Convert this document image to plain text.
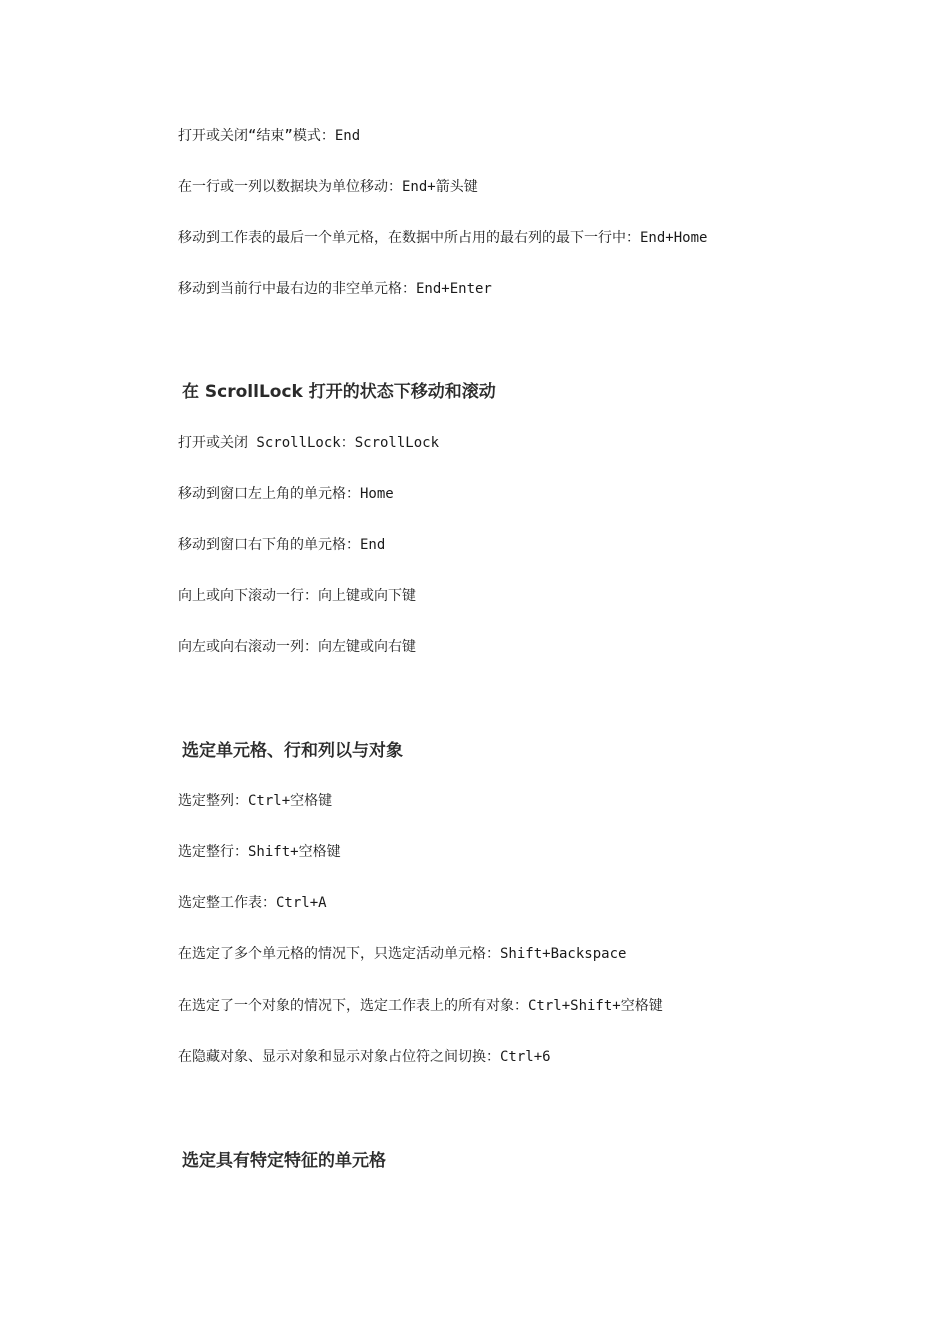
打开或关闭“结束”模式：End
在一行或一列以数据块为单位移动：End+箭头键
移动到工作表的最后一个单元格，在数据中所占用的最右列的最下一行中：End+Home
移动到当前行中最右边的非空单元格：End+Enter
在 ScrollLock 打开的状态下移动和滚动
打开或关闭 ScrollLock：ScrollLock
移动到窗口左上角的单元格：Home
移动到窗口右下角的单元格：End
向上或向下滚动一行：向上键或向下键
向左或向右滚动一列：向左键或向右键
选定单元格、行和列以与对象
选定整列：Ctrl+空格键
选定整行：Shift+空格键
选定整工作表：Ctrl+A
在选定了多个单元格的情况下，只选定活动单元格：Shift+Backspace
在选定了一个对象的情况下，选定工作表上的所有对象：Ctrl+Shift+空格键
在隐藏对象、显示对象和显示对象占位符之间切换：Ctrl+6
选定具有特定特征的单元格
